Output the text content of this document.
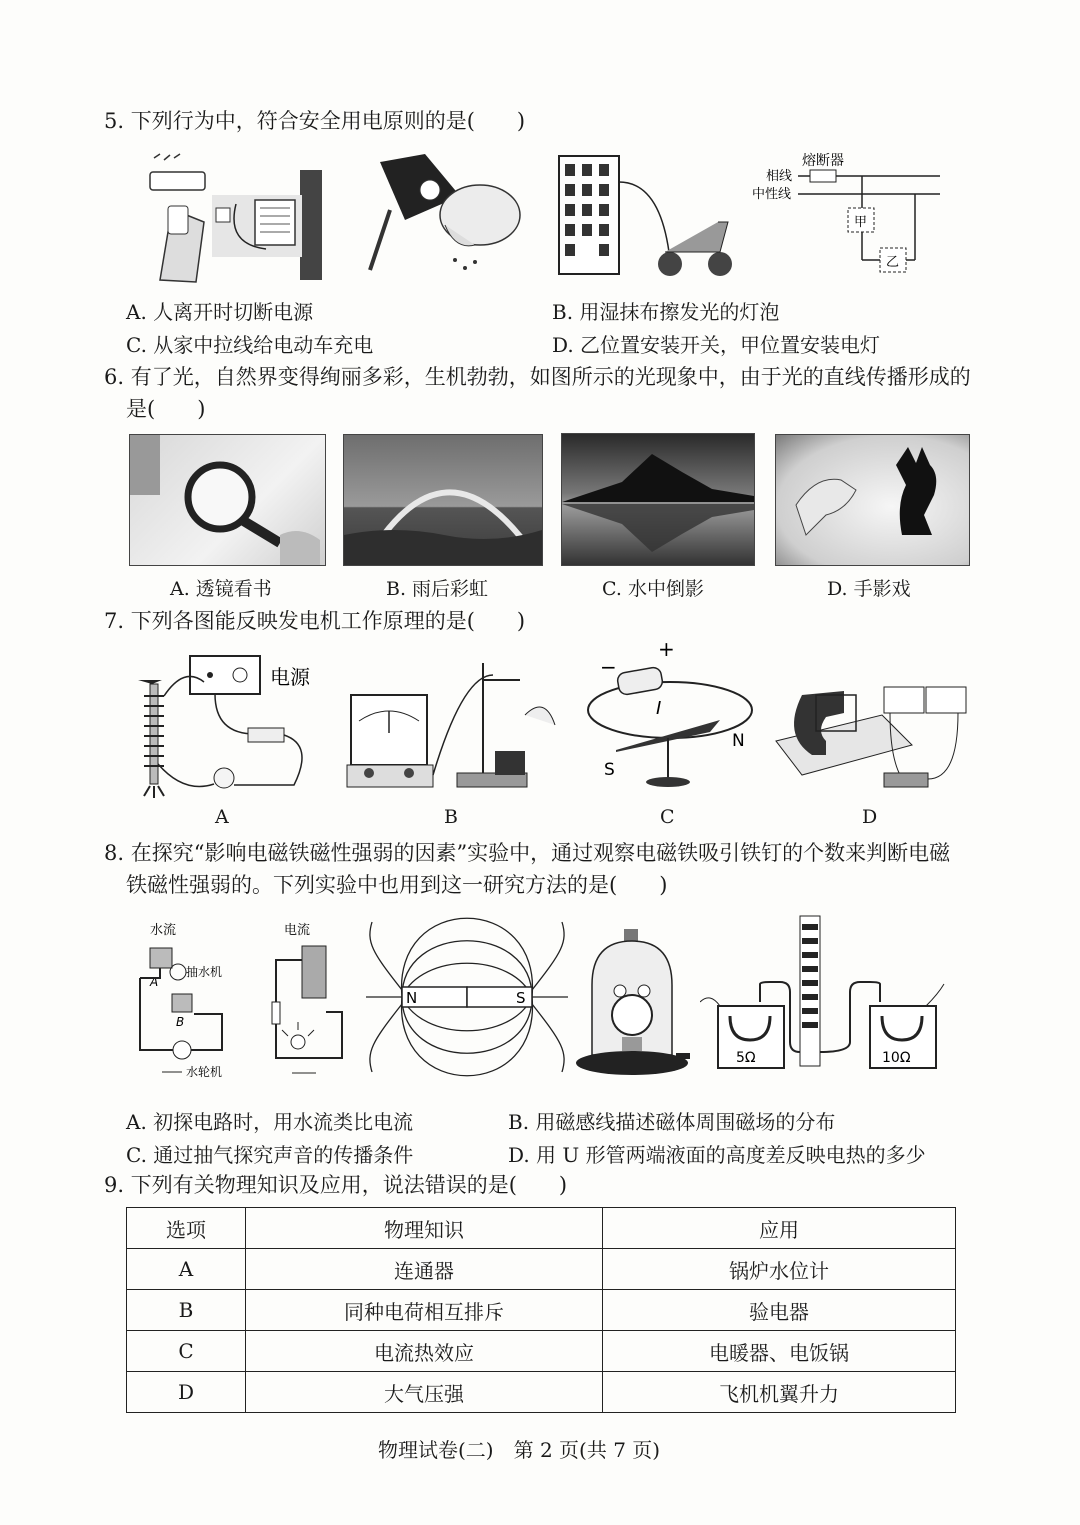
5. 下列行为中，符合安全用电原则的是(　　)
熔断器
相线
中性线
甲
乙
A. 人离开时切断电源	B. 用湿抹布擦发光的灯泡
C. 从家中拉线给电动车充电	D. 乙位置安装开关，甲位置安装电灯
6. 有了光，自然界变得绚丽多彩，生机勃勃，如图所示的光现象中，由于光的直线传播形成的
是(　　)
A. 透镜看书	B. 雨后彩虹	C. 水中倒影	D. 手影戏
7. 下列各图能反映发电机工作原理的是(　　)
电源	−
+
I
S
N
A	B	C	D
8. 在探究“影响电磁铁磁性强弱的因素”实验中，通过观察电磁铁吸引铁钉的个数来判断电磁
铁磁性强弱的。下列实验中也用到这一研究方法的是(　　)
水流
A
抽水机
B
水轮机
电流
N	S
5Ω	10Ω
A. 初探电路时，用水流类比电流	B. 用磁感线描述磁体周围磁场的分布
C. 通过抽气探究声音的传播条件	D. 用 U 形管两端液面的高度差反映电热的多少
9. 下列有关物理知识及应用，说法错误的是(　　)
选项	物理知识	应用
A	连通器	锅炉水位计
B	同种电荷相互排斥	验电器
C	电流热效应	电暖器、电饭锅
D	大气压强	飞机机翼升力
物理试卷(二)　第 2 页(共 7 页)
